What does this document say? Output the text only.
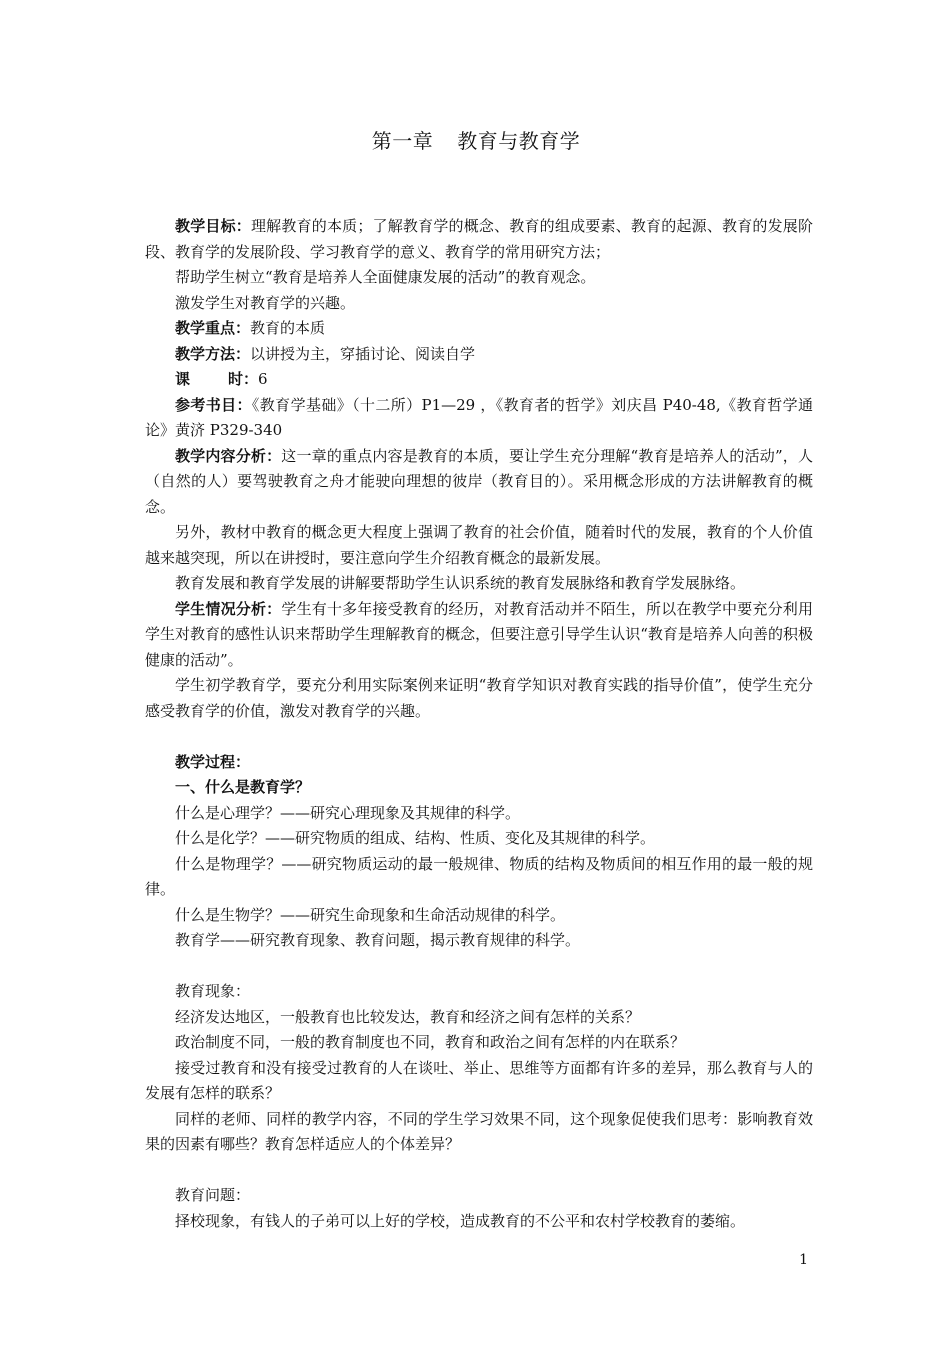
第一章 教育与教育学

教学目标：理解教育的本质；了解教育学的概念、教育的组成要素、教育的起源、教育的发展阶段、教育学的发展阶段、学习教育学的意义、教育学的常用研究方法；

帮助学生树立“教育是培养人全面健康发展的活动”的教育观念。

激发学生对教育学的兴趣。

教学重点：教育的本质

教学方法：以讲授为主，穿插讨论、阅读自学

课	时：6

参考书目：《教育学基础》（十二所）P1—29 ，《教育者的哲学》刘庆昌 P40-48,《教育哲学通论》黄济 P329-340

教学内容分析：这一章的重点内容是教育的本质，要让学生充分理解“教育是培养人的活动”，人（自然的人）要驾驶教育之舟才能驶向理想的彼岸（教育目的）。采用概念形成的方法讲解教育的概念。

另外，教材中教育的概念更大程度上强调了教育的社会价值，随着时代的发展，教育的个人价值越来越突现，所以在讲授时，要注意向学生介绍教育概念的最新发展。

教育发展和教育学发展的讲解要帮助学生认识系统的教育发展脉络和教育学发展脉络。

学生情况分析：学生有十多年接受教育的经历，对教育活动并不陌生，所以在教学中要充分利用学生对教育的感性认识来帮助学生理解教育的概念，但要注意引导学生认识“教育是培养人向善的积极健康的活动”。

学生初学教育学，要充分利用实际案例来证明“教育学知识对教育实践的指导价值”，使学生充分感受教育学的价值，激发对教育学的兴趣。

教学过程：

一、什么是教育学？

什么是心理学？——研究心理现象及其规律的科学。

什么是化学？——研究物质的组成、结构、性质、变化及其规律的科学。

什么是物理学？——研究物质运动的最一般规律、物质的结构及物质间的相互作用的最一般的规律。

什么是生物学？——研究生命现象和生命活动规律的科学。

教育学——研究教育现象、教育问题，揭示教育规律的科学。

教育现象：

经济发达地区，一般教育也比较发达，教育和经济之间有怎样的关系？

政治制度不同，一般的教育制度也不同，教育和政治之间有怎样的内在联系？

接受过教育和没有接受过教育的人在谈吐、举止、思维等方面都有许多的差异，那么教育与人的发展有怎样的联系？

同样的老师、同样的教学内容，不同的学生学习效果不同，这个现象促使我们思考：影响教育效果的因素有哪些？教育怎样适应人的个体差异？

教育问题：

择校现象，有钱人的子弟可以上好的学校，造成教育的不公平和农村学校教育的萎缩。

1
